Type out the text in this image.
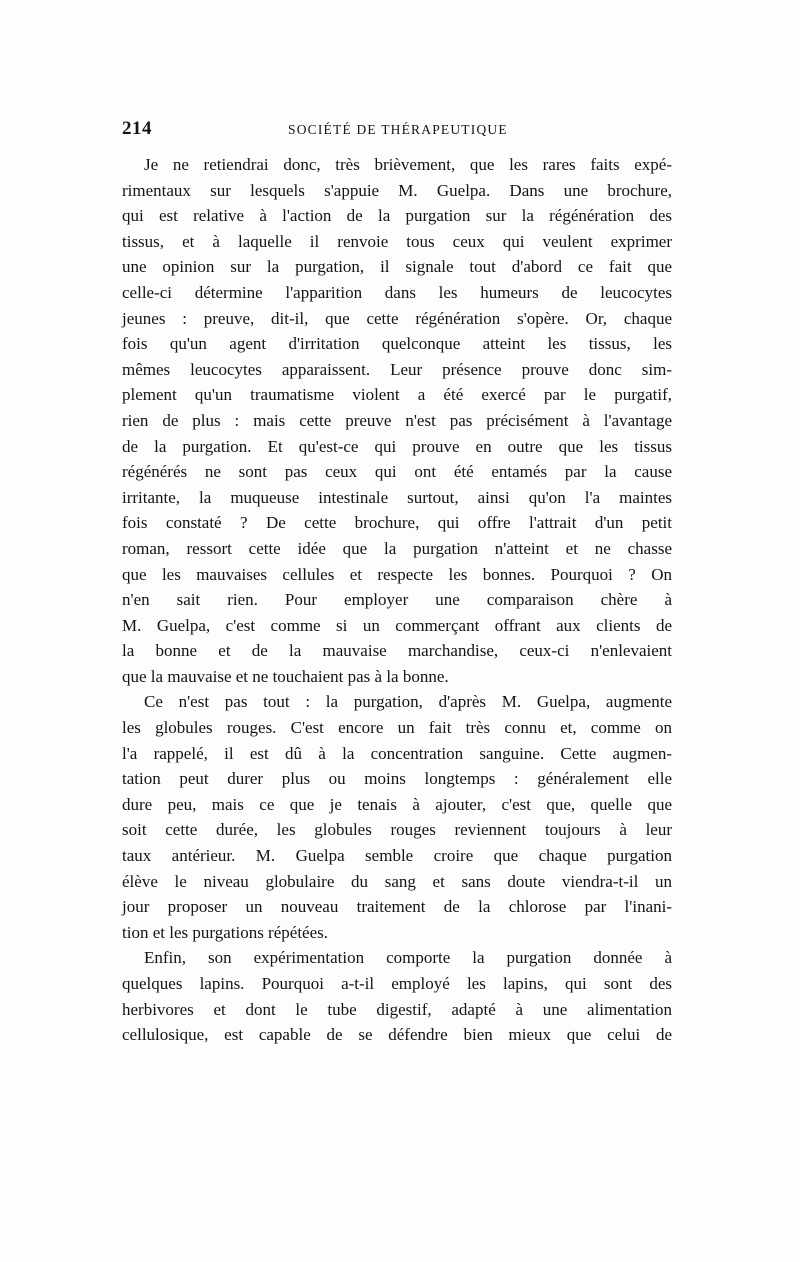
214	SOCIÉTÉ DE THÉRAPEUTIQUE
Je ne retiendrai donc, très brièvement, que les rares faits expé-
rimentaux sur lesquels s'appuie M. Guelpa. Dans une brochure,
qui est relative à l'action de la purgation sur la régénération des
tissus, et à laquelle il renvoie tous ceux qui veulent exprimer
une opinion sur la purgation, il signale tout d'abord ce fait que
celle-ci détermine l'apparition dans les humeurs de leucocytes
jeunes : preuve, dit-il, que cette régénération s'opère. Or, chaque
fois qu'un agent d'irritation quelconque atteint les tissus, les
mêmes leucocytes apparaissent. Leur présence prouve donc sim-
plement qu'un traumatisme violent a été exercé par le purgatif,
rien de plus : mais cette preuve n'est pas précisément à l'avantage
de la purgation. Et qu'est-ce qui prouve en outre que les tissus
régénérés ne sont pas ceux qui ont été entamés par la cause
irritante, la muqueuse intestinale surtout, ainsi qu'on l'a maintes
fois constaté ? De cette brochure, qui offre l'attrait d'un petit
roman, ressort cette idée que la purgation n'atteint et ne chasse
que les mauvaises cellules et respecte les bonnes. Pourquoi ? On
n'en sait rien. Pour employer une comparaison chère à
M. Guelpa, c'est comme si un commerçant offrant aux clients de
la bonne et de la mauvaise marchandise, ceux-ci n'enlevaient
que la mauvaise et ne touchaient pas à la bonne.
Ce n'est pas tout : la purgation, d'après M. Guelpa, augmente
les globules rouges. C'est encore un fait très connu et, comme on
l'a rappelé, il est dû à la concentration sanguine. Cette augmen-
tation peut durer plus ou moins longtemps : généralement elle
dure peu, mais ce que je tenais à ajouter, c'est que, quelle que
soit cette durée, les globules rouges reviennent toujours à leur
taux antérieur. M. Guelpa semble croire que chaque purgation
élève le niveau globulaire du sang et sans doute viendra-t-il un
jour proposer un nouveau traitement de la chlorose par l'inani-
tion et les purgations répétées.
Enfin, son expérimentation comporte la purgation donnée à
quelques lapins. Pourquoi a-t-il employé les lapins, qui sont des
herbivores et dont le tube digestif, adapté à une alimentation
cellulosique, est capable de se défendre bien mieux que celui de
